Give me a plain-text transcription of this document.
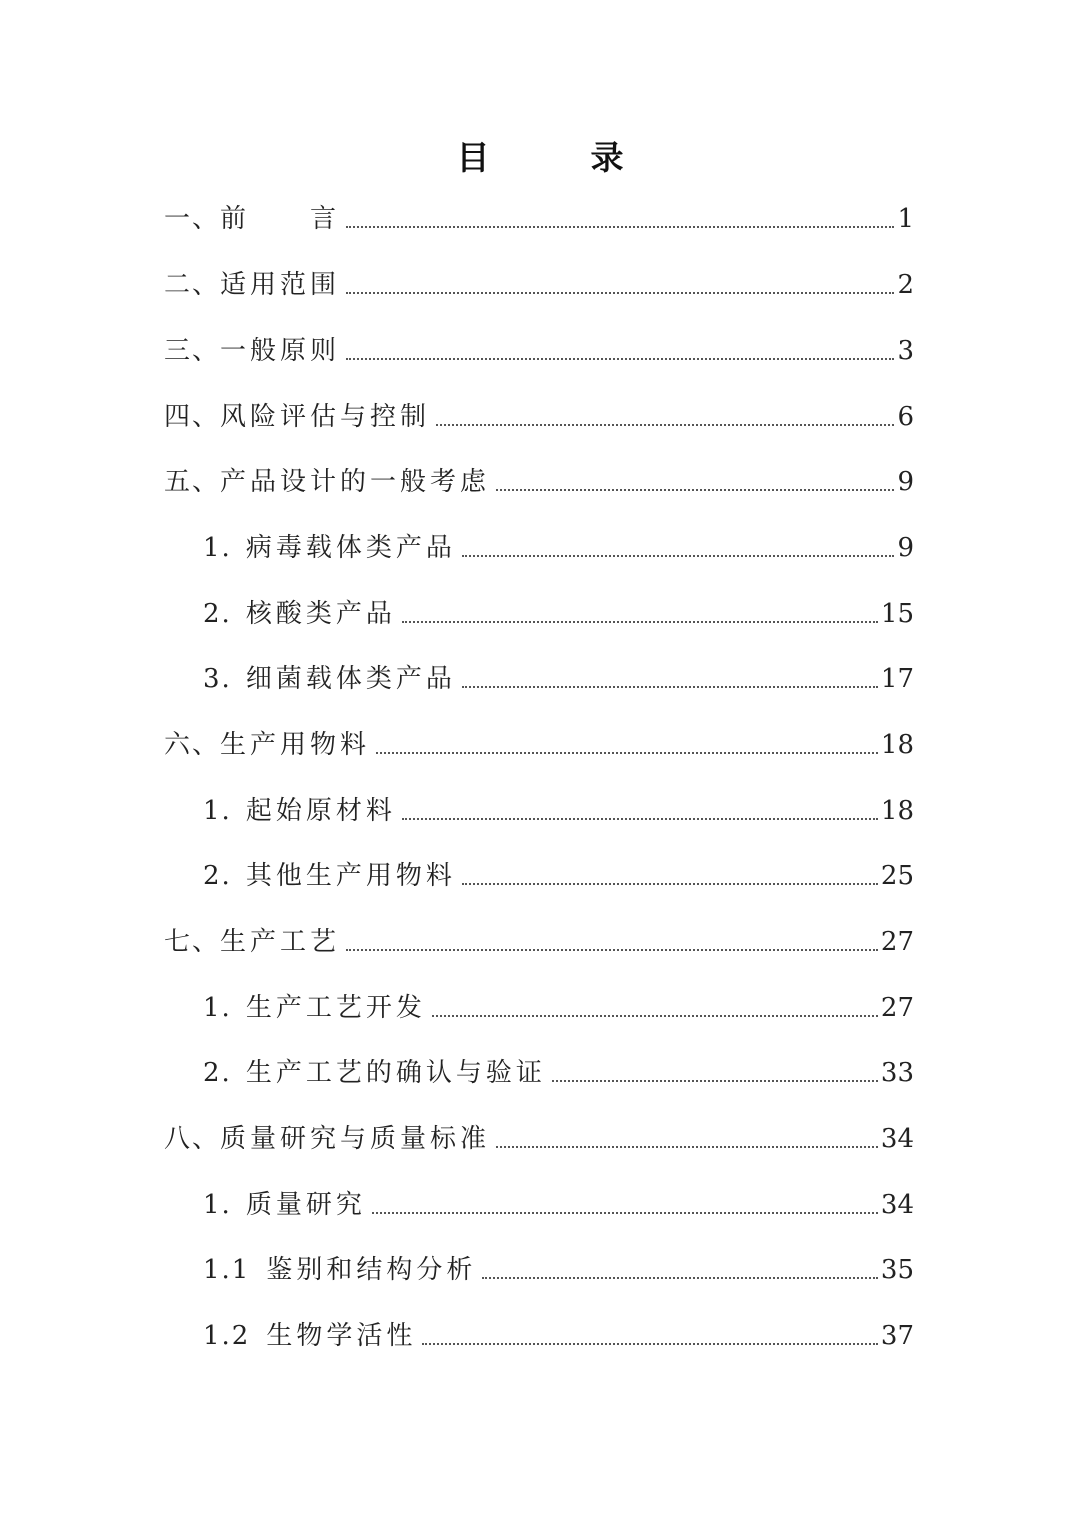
目　录
一、 前　　言	1
二、 适用范围	2
三、 一般原则	3
四、 风险评估与控制	6
五、 产品设计的一般考虑	9
1. 病毒载体类产品	9
2. 核酸类产品	15
3. 细菌载体类产品	17
六、 生产用物料	18
1. 起始原材料	18
2. 其他生产用物料	25
七、 生产工艺	27
1. 生产工艺开发	27
2. 生产工艺的确认与验证	33
八、 质量研究与质量标准	34
1. 质量研究	34
1.1 鉴别和结构分析	35
1.2 生物学活性	37
